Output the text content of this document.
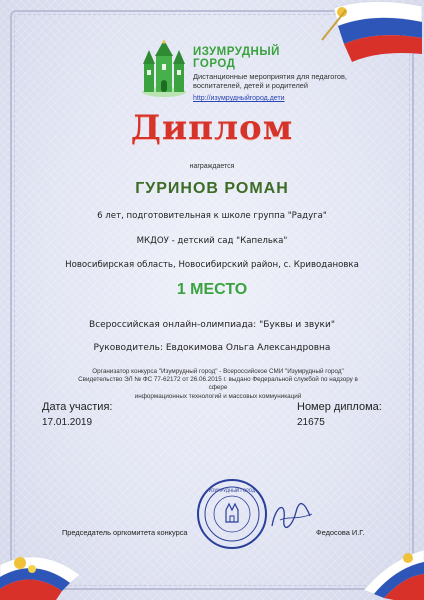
ИЗУМРУДНЫЙ
ГОРОД
Дистанционные мероприятия для педагогов,
воспитателей, детей и родителей
http://изумрудныйгород.дети
Диплом
награждается
ГУРИНОВ РОМАН
6 лет, подготовительная к школе группа "Радуга"
МКДОУ - детский сад "Капелька"
Новосибирская область, Новосибирский район, с. Криводановка
1 МЕСТО
Всероссийская онлайн-олимпиада: "Буквы и звуки"
Руководитель: Евдокимова Ольга Александровна
Организатор конкурса "Изумрудный город" - Всероссийское СМИ "Изумрудный город"
Свидетельство ЭЛ № ФС 77-62172 от 26.06.2015 г. выдано Федеральной службой по надзору в сфере
информационных технологий и массовых коммуникаций
Дата участия:
17.01.2019
Номер диплома:
21675
ИЗУМРУДНЫЙ ГОРОД
Председатель оргкомитета конкурса	Федосова И.Г.
